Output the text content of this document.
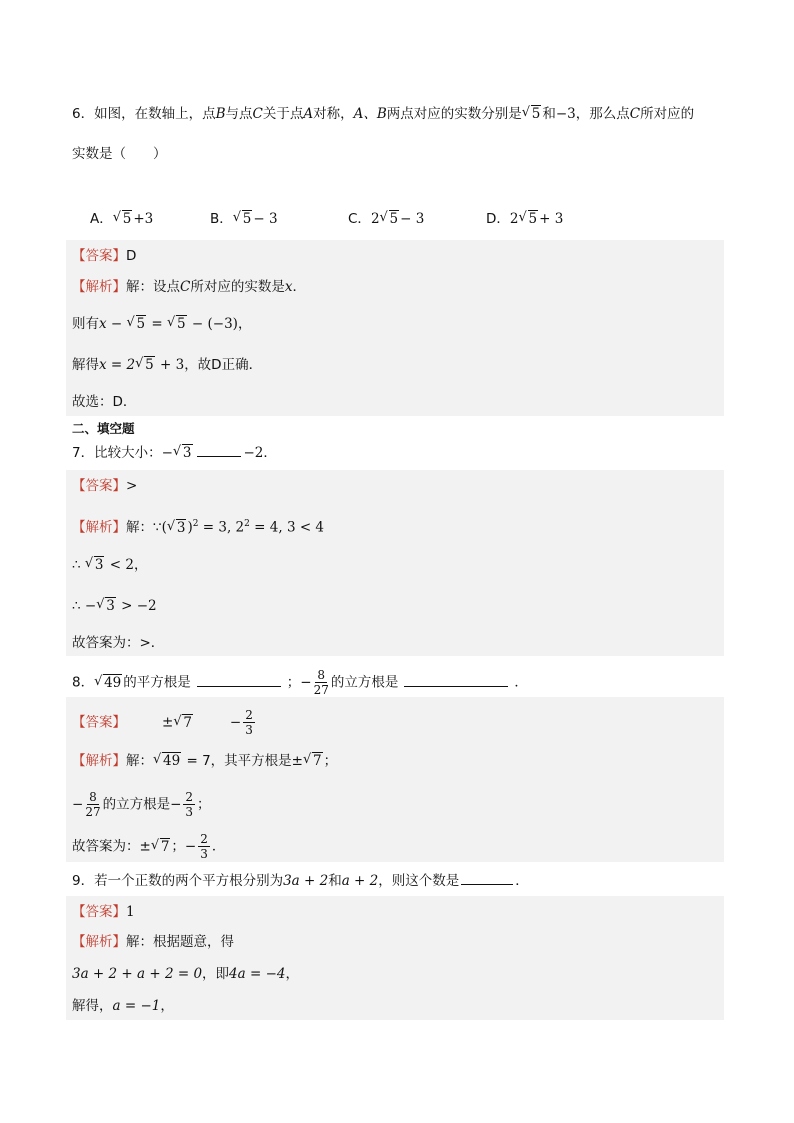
6．如图，在数轴上，点B与点C关于点A对称，A、B两点对应的实数分别是 √ 5 和−3，那么点C所对应的
实数是（　　）
A． √ 5 +3	B． √ 5 − 3	C．2 √ 5 − 3	D．2 √ 5 + 3
【答案】D
【解析】解：设点C所对应的实数是x．
则有x − √ 5 = √ 5 − (−3)，
解得x = 2 √ 5 + 3，故D正确．
故选：D．
二、填空题
7．比较大小：− √ 3	−2．
【答案】>
【解析】解：∵( √ 3 )$^2$ = 3, $2^2 = 4$, 3 < 4
∴ √ 3 < 2，
∴ − √ 3 > −2
故答案为：>．
8． √ 49 的平方根是	；− $\frac{8}{27}$ 的立方根是	．
【答案】	± √ 7	− $\frac{2}{3}$
【解析】解： √ 49 = 7，其平方根是± √ 7 ；
− $\frac{8}{27}$ 的立方根是− $\frac{2}{3}$ ；
故答案为：± √ 7 ；− $\frac{2}{3}$ ．
9．若一个正数的两个平方根分别为3a + 2和a + 2，则这个数是	．
【答案】1
【解析】解：根据题意，得
3a + 2 + a + 2 = 0，即4a = −4，
解得，a = −1，
